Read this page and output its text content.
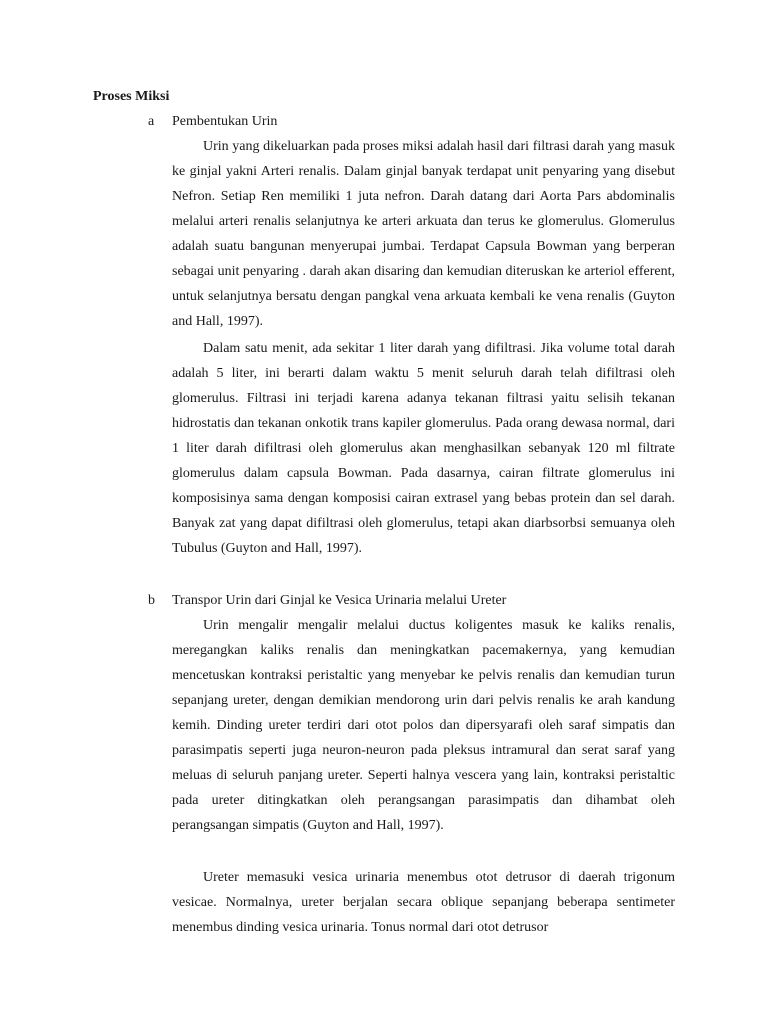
Proses Miksi
a Pembentukan Urin

Urin yang dikeluarkan pada proses miksi adalah hasil dari filtrasi darah yang masuk ke ginjal yakni Arteri renalis. Dalam ginjal banyak terdapat unit penyaring yang disebut Nefron. Setiap Ren memiliki 1 juta nefron. Darah datang dari Aorta Pars abdominalis melalui arteri renalis selanjutnya ke arteri arkuata dan terus ke glomerulus. Glomerulus adalah suatu bangunan menyerupai jumbai. Terdapat Capsula Bowman yang berperan sebagai unit penyaring . darah akan disaring dan kemudian diteruskan ke arteriol efferent, untuk selanjutnya bersatu dengan pangkal vena arkuata kembali ke vena renalis (Guyton and Hall, 1997).

Dalam satu menit, ada sekitar 1 liter darah yang difiltrasi. Jika volume total darah adalah 5 liter, ini berarti dalam waktu 5 menit seluruh darah telah difiltrasi oleh glomerulus. Filtrasi ini terjadi karena adanya tekanan filtrasi yaitu selisih tekanan hidrostatis dan tekanan onkotik trans kapiler glomerulus. Pada orang dewasa normal, dari 1 liter darah difiltrasi oleh glomerulus akan menghasilkan sebanyak 120 ml filtrate glomerulus dalam capsula Bowman. Pada dasarnya, cairan filtrate glomerulus ini komposisinya sama dengan komposisi cairan extrasel yang bebas protein dan sel darah. Banyak zat yang dapat difiltrasi oleh glomerulus, tetapi akan diarbsorbsi semuanya oleh Tubulus (Guyton and Hall, 1997).

b Transpor Urin dari Ginjal ke Vesica Urinaria melalui Ureter

Urin mengalir mengalir melalui ductus koligentes masuk ke kaliks renalis, meregangkan kaliks renalis dan meningkatkan pacemakernya, yang kemudian mencetuskan kontraksi peristaltic yang menyebar ke pelvis renalis dan kemudian turun sepanjang ureter, dengan demikian mendorong urin dari pelvis renalis ke arah kandung kemih. Dinding ureter terdiri dari otot polos dan dipersyarafi oleh saraf simpatis dan parasimpatis seperti juga neuron-neuron pada pleksus intramural dan serat saraf yang meluas di seluruh panjang ureter. Seperti halnya vescera yang lain, kontraksi peristaltic pada ureter ditingkatkan oleh perangsangan parasimpatis dan dihambat oleh perangsangan simpatis (Guyton and Hall, 1997).

Ureter memasuki vesica urinaria menembus otot detrusor di daerah trigonum vesicae. Normalnya, ureter berjalan secara oblique sepanjang beberapa sentimeter menembus dinding vesica urinaria. Tonus normal dari otot detrusor
